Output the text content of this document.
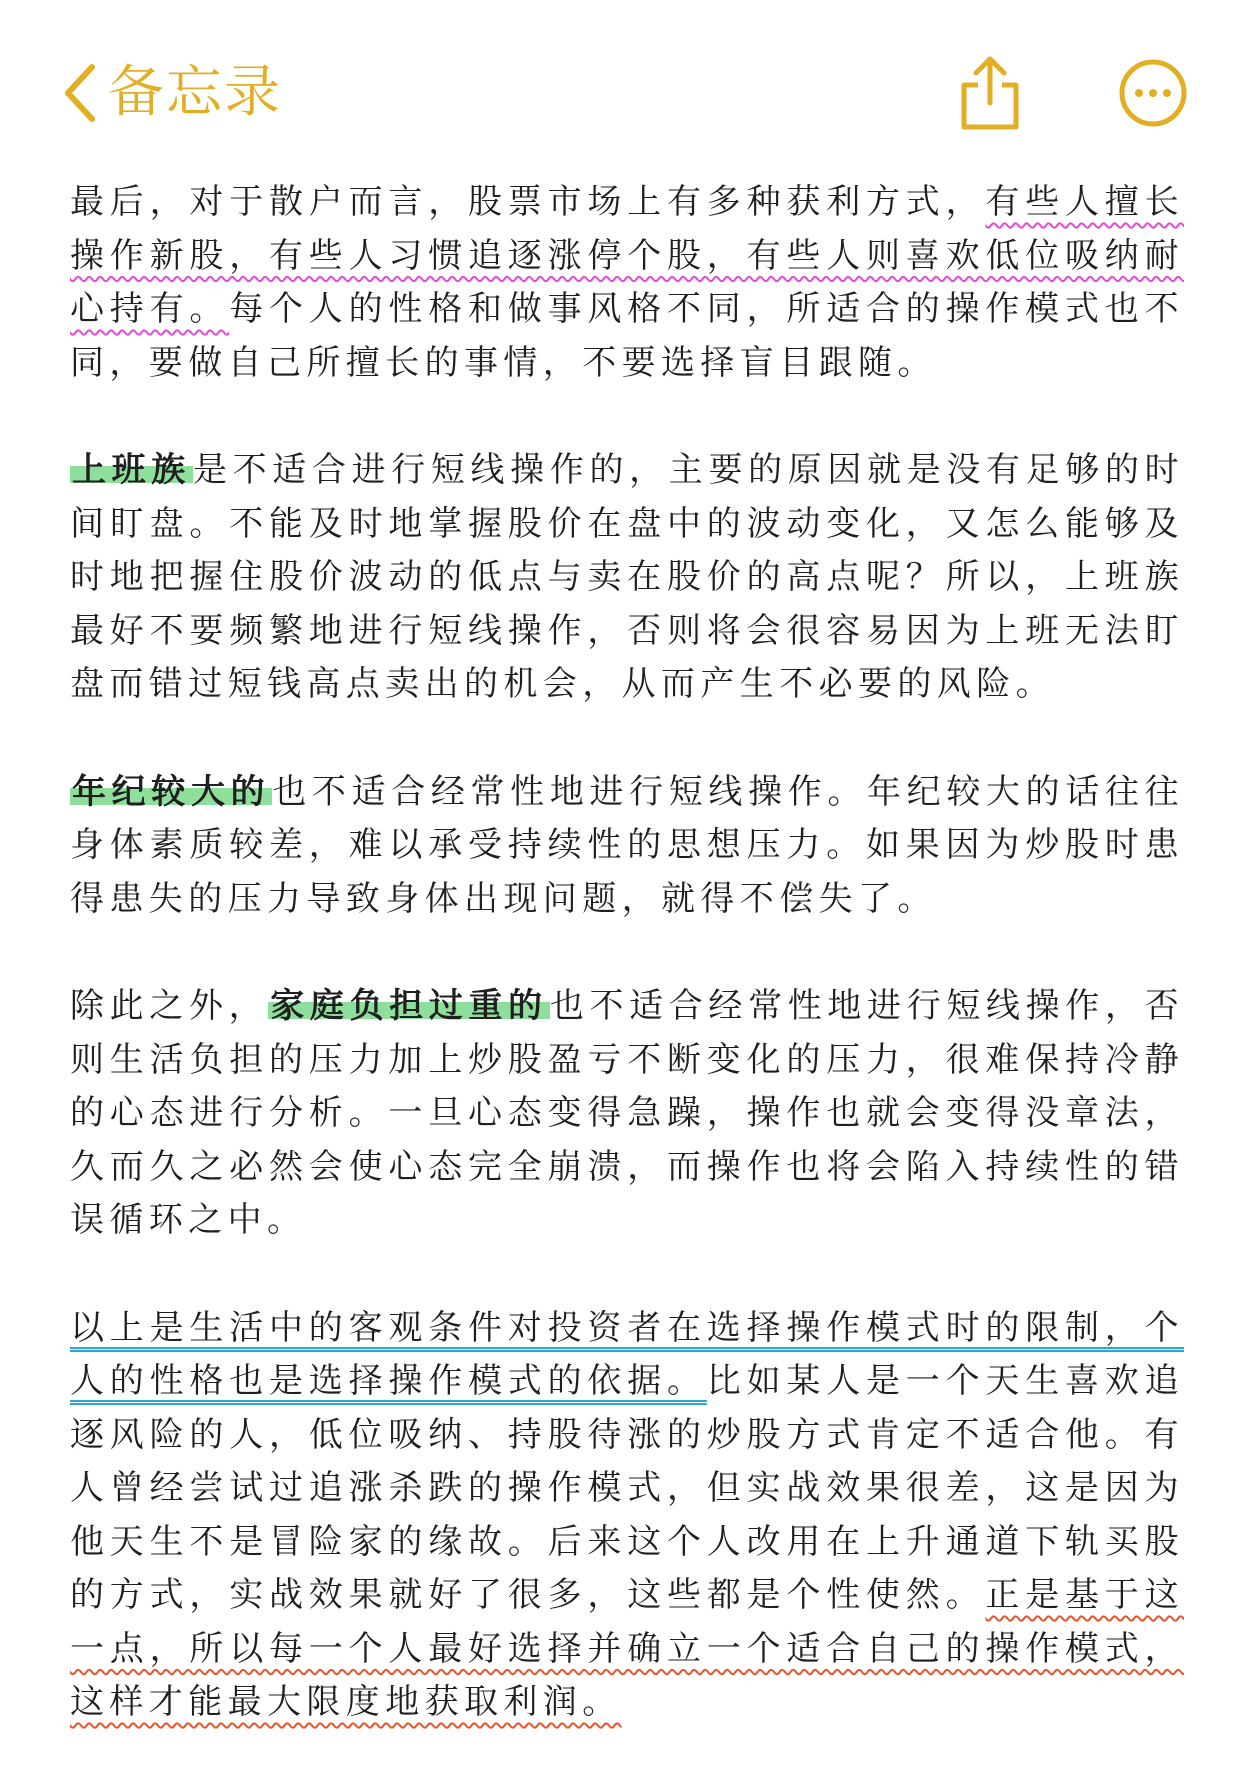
备忘录

最后，对于散户而言，股票市场上有多种获利方式，有些人擅长操作新股，有些人习惯追逐涨停个股，有些人则喜欢低位吸纳耐心持有。每个人的性格和做事风格不同，所适合的操作模式也不同，要做自己所擅长的事情，不要选择盲目跟随。

上班族是不适合进行短线操作的，主要的原因就是没有足够的时间盯盘。不能及时地掌握股价在盘中的波动变化，又怎么能够及时地把握住股价波动的低点与卖在股价的高点呢？所以，上班族最好不要频繁地进行短线操作，否则将会很容易因为上班无法盯盘而错过短钱高点卖出的机会，从而产生不必要的风险。

年纪较大的也不适合经常性地进行短线操作。年纪较大的话往往身体素质较差，难以承受持续性的思想压力。如果因为炒股时患得患失的压力导致身体出现问题，就得不偿失了。

除此之外，家庭负担过重的也不适合经常性地进行短线操作，否则生活负担的压力加上炒股盈亏不断变化的压力，很难保持冷静的心态进行分析。一旦心态变得急躁，操作也就会变得没章法，久而久之必然会使心态完全崩溃，而操作也将会陷入持续性的错误循环之中。

以上是生活中的客观条件对投资者在选择操作模式时的限制，个人的性格也是选择操作模式的依据。比如某人是一个天生喜欢追逐风险的人，低位吸纳、持股待涨的炒股方式肯定不适合他。有人曾经尝试过追涨杀跌的操作模式，但实战效果很差，这是因为他天生不是冒险家的缘故。后来这个人改用在上升通道下轨买股的方式，实战效果就好了很多，这些都是个性使然。正是基于这一点，所以每一个人最好选择并确立一个适合自己的操作模式，这样才能最大限度地获取利润。
